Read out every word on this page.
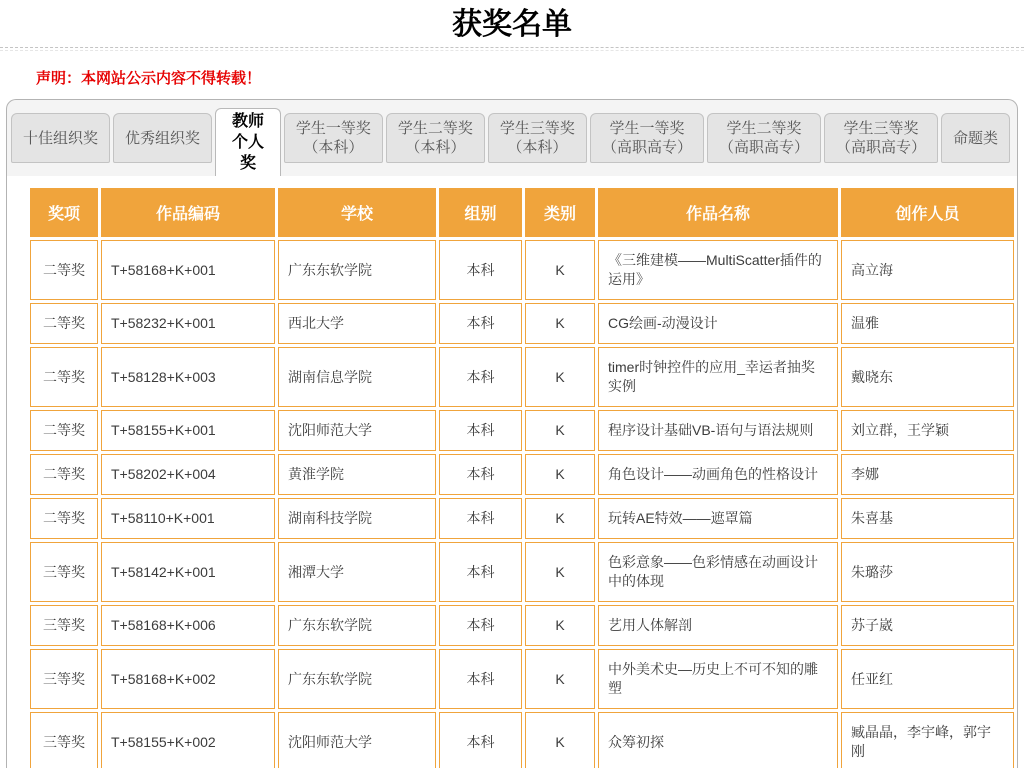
获奖名单
声明：本网站公示内容不得转载！
十佳组织奖 优秀组织奖
教师个人奖
学生一等奖
（本科）
学生二等奖
（本科）
学生三等奖
（本科）
学生一等奖
（高职高专）
学生二等奖
（高职高专）
学生三等奖
（高职高专）
命题类
奖项	作品编码	学校	组别	类别	作品名称	创作人员
二等奖	T+58168+K+001	广东东软学院	本科	K	《三维建模——MultiScatter插件的运用》	高立海
二等奖	T+58232+K+001	西北大学	本科	K	CG绘画-动漫设计	温雅
二等奖	T+58128+K+003	湖南信息学院	本科	K	timer时钟控件的应用_幸运者抽奖实例	戴晓东
二等奖	T+58155+K+001	沈阳师范大学	本科	K	程序设计基础VB-语句与语法规则	刘立群，王学颖
二等奖	T+58202+K+004	黄淮学院	本科	K	角色设计——动画角色的性格设计	李娜
二等奖	T+58110+K+001	湖南科技学院	本科	K	玩转AE特效——遮罩篇	朱喜基
三等奖	T+58142+K+001	湘潭大学	本科	K	色彩意象——色彩情感在动画设计中的体现	朱璐莎
三等奖	T+58168+K+006	广东东软学院	本科	K	艺用人体解剖	苏子崴
三等奖	T+58168+K+002	广东东软学院	本科	K	中外美术史—历史上不可不知的雕塑	任亚红
三等奖	T+58155+K+002	沈阳师范大学	本科	K	众筹初探	臧晶晶，李宇峰，郭宇刚
